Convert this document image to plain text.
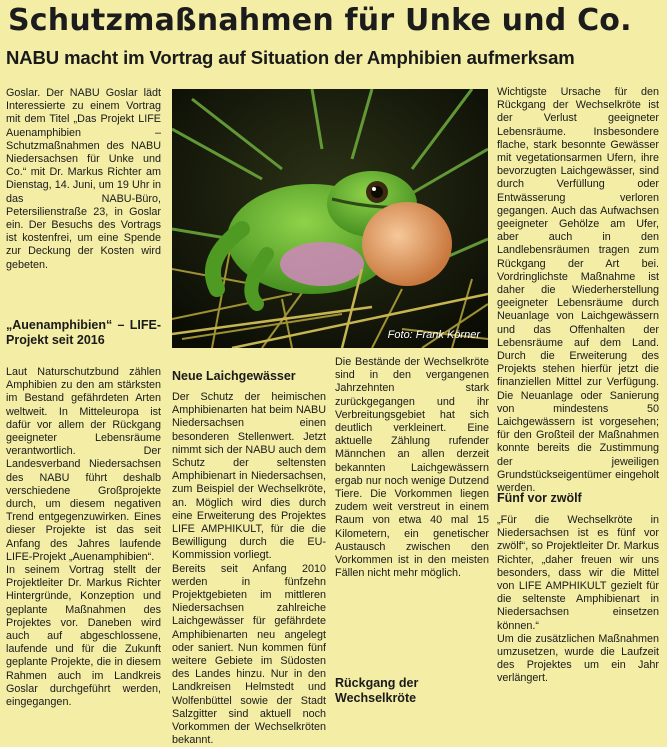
Schutzmaßnahmen für Unke und Co.
NABU macht im Vortrag auf Situation der Amphibien aufmerksam

Goslar. Der NABU Goslar lädt Interessierte zu einem Vortrag mit dem Titel „Das Projekt LIFE Auenamphibien – Schutzmaßnahmen des NABU Niedersachsen für Unke und Co.“ mit Dr. Markus Richter am Dienstag, 14. Juni, um 19 Uhr in das NABU-Büro, Petersilienstraße 23, in Goslar ein. Der Besuchs des Vortrags ist kostenfrei, um eine Spende zur Deckung der Kosten wird gebeten.

„Auenamphibien“ – LIFE-Projekt seit 2016

Laut Naturschutzbund zählen Amphibien zu den am stärksten im Bestand gefährdeten Arten weltweit. In Mitteleuropa ist dafür vor allem der Rückgang geeigneter Lebensräume verantwortlich. Der Landesverband Niedersachsen des NABU führt deshalb verschiedene Großprojekte durch, um diesem negativen Trend entgegenzuwirken. Eines dieser Projekte ist das seit Anfang des Jahres laufende LIFE-Projekt „Auenamphibien“.

In seinem Vortrag stellt der Projektleiter Dr. Markus Richter Hintergründe, Konzeption und geplante Maßnahmen des Projektes vor. Daneben wird auch auf abgeschlossene, laufende und für die Zukunft geplante Projekte, die in diesem Rahmen auch im Landkreis Goslar durchgeführt werden, eingegangen.

Foto: Frank Körner

Neue Laichgewässer

Der Schutz der heimischen Amphibienarten hat beim NABU Niedersachsen einen besonderen Stellenwert. Jetzt nimmt sich der NABU auch dem Schutz der seltensten Amphibienart in Niedersachsen, zum Beispiel der Wechselkröte, an. Möglich wird dies durch eine Erweiterung des Projektes LIFE AMPHIKULT, für die die Bewilligung durch die EU-Kommission vorliegt.

Bereits seit Anfang 2010 werden in fünfzehn Projektgebieten im mittleren Niedersachsen zahlreiche Laichgewässer für gefährdete Amphibienarten neu angelegt oder saniert. Nun kommen fünf weitere Gebiete im Südosten des Landes hinzu. Nur in den Landkreisen Helmstedt und Wolfenbüttel sowie der Stadt Salzgitter sind aktuell noch Vorkommen der Wechselkröten bekannt.

Die Bestände der Wechselkröte sind in den vergangenen Jahrzehnten stark zurückgegangen und ihr Verbreitungsgebiet hat sich deutlich verkleinert. Eine aktuelle Zählung rufender Männchen an allen derzeit bekannten Laichgewässern ergab nur noch wenige Dutzend Tiere. Die Vorkommen liegen zudem weit verstreut in einem Raum von etwa 40 mal 15 Kilometern, ein genetischer Austausch zwischen den Vorkommen ist in den meisten Fällen nicht mehr möglich.

Rückgang der Wechselkröte

Wichtigste Ursache für den Rückgang der Wechselkröte ist der Verlust geeigneter Lebensräume. Insbesondere flache, stark besonnte Gewässer mit vegetationsarmen Ufern, ihre bevorzugten Laichgewässer, sind durch Verfüllung oder Entwässerung verloren gegangen. Auch das Aufwachsen geeigneter Gehölze am Ufer, aber auch in den Landlebensräumen tragen zum Rückgang der Art bei. Vordringlichste Maßnahme ist daher die Wiederherstellung geeigneter Lebensräume durch Neuanlage von Laichgewässern und das Offenhalten der Lebensräume auf dem Land. Durch die Erweiterung des Projekts stehen hierfür jetzt die finanziellen Mittel zur Verfügung. Die Neuanlage oder Sanierung von mindestens 50 Laichgewässern ist vorgesehen; für den Großteil der Maßnahmen konnte bereits die Zustimmung der jeweiligen Grundstückseigentümer eingeholt werden.

Fünf vor zwölf

„Für die Wechselkröte in Niedersachsen ist es fünf vor zwölf“, so Projektleiter Dr. Markus Richter, „daher freuen wir uns besonders, dass wir die Mittel von LIFE AMPHIKULT gezielt für die seltenste Amphibienart in Niedersachsen einsetzen können.“

Um die zusätzlichen Maßnahmen umzusetzen, wurde die Laufzeit des Projektes um ein Jahr verlängert.
